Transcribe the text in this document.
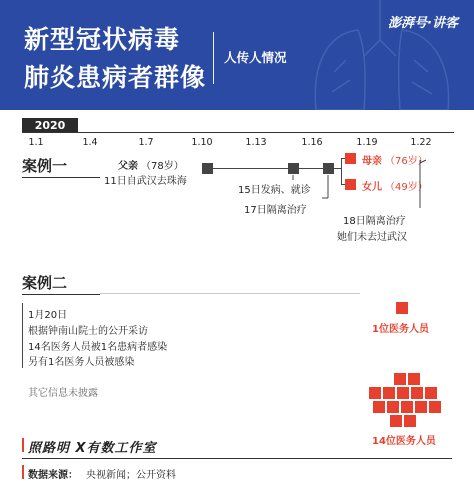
新型冠状病毒
肺炎患病者群像
人传人情况
澎湃号·讲客
2020
1.1	1.4	1.7	1.10	1.13	1.16	1.19	1.22
案例一	父亲 （78岁）
11日自武汉去珠海
母亲 （76岁）
女儿 （49岁）
15日发病、就诊
17日隔离治疗
18日隔离治疗
她们未去过武汉
案例二
1月20日
根据钟南山院士的公开采访
14名医务人员被1名患病者感染
另有1名医务人员被感染
其它信息未披露
1位医务人员
14位医务人员
照路明 X有数工作室
数据来源： 央视新闻；公开资料
